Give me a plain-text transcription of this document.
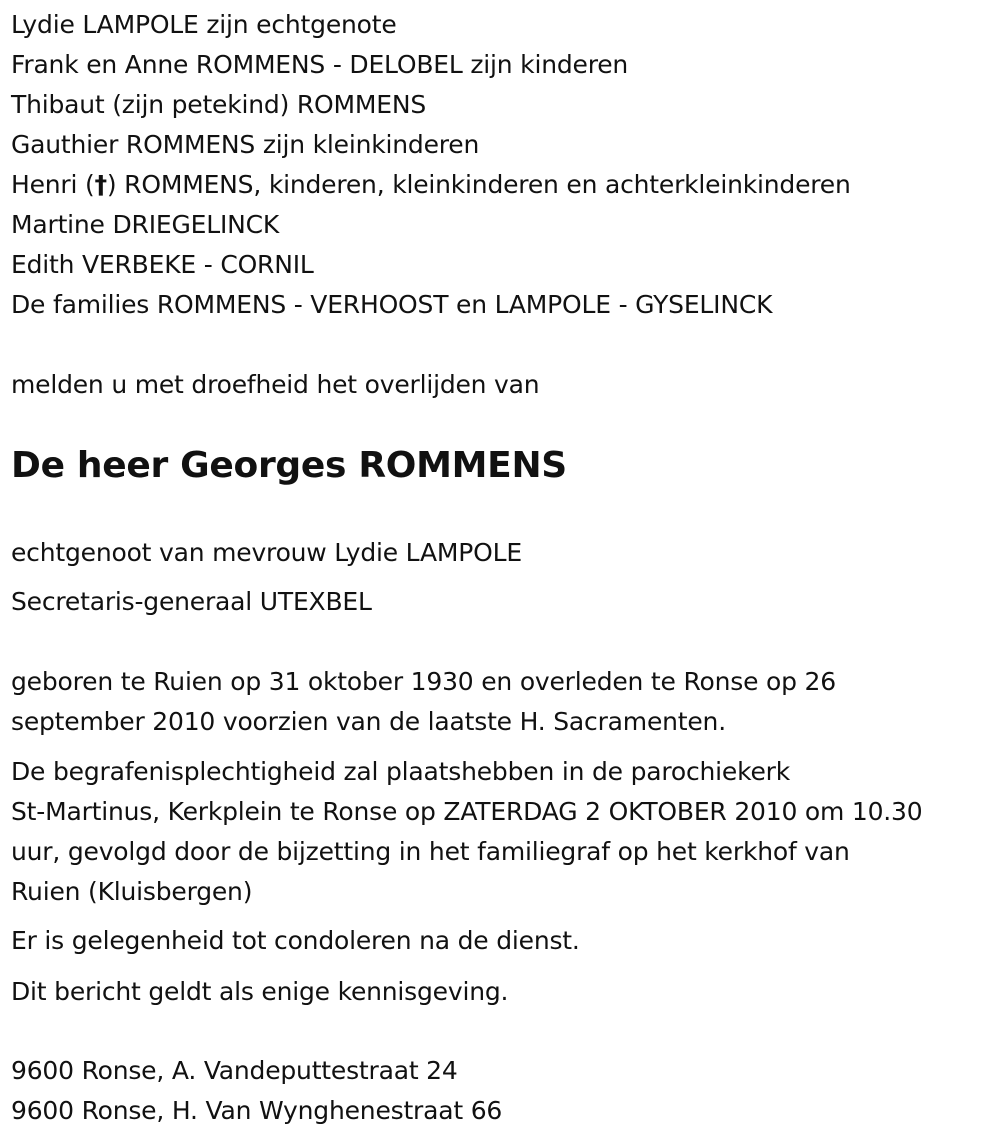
Lydie LAMPOLE zijn echtgenote
Frank en Anne ROMMENS - DELOBEL zijn kinderen
Thibaut (zijn petekind) ROMMENS
Gauthier ROMMENS zijn kleinkinderen
Henri (†) ROMMENS, kinderen, kleinkinderen en achterkleinkinderen
Martine DRIEGELINCK
Edith VERBEKE - CORNIL
De families ROMMENS - VERHOOST en LAMPOLE - GYSELINCK
melden u met droefheid het overlijden van
De heer Georges ROMMENS
echtgenoot van mevrouw Lydie LAMPOLE
Secretaris-generaal UTEXBEL
geboren te Ruien op 31 oktober 1930 en overleden te Ronse op 26
september 2010 voorzien van de laatste H. Sacramenten.
De begrafenisplechtigheid zal plaatshebben in de parochiekerk
St-Martinus, Kerkplein te Ronse op ZATERDAG 2 OKTOBER 2010 om 10.30
uur, gevolgd door de bijzetting in het familiegraf op het kerkhof van
Ruien (Kluisbergen)
Er is gelegenheid tot condoleren na de dienst.
Dit bericht geldt als enige kennisgeving.
9600 Ronse, A. Vandeputtestraat 24
9600 Ronse, H. Van Wynghenestraat 66
